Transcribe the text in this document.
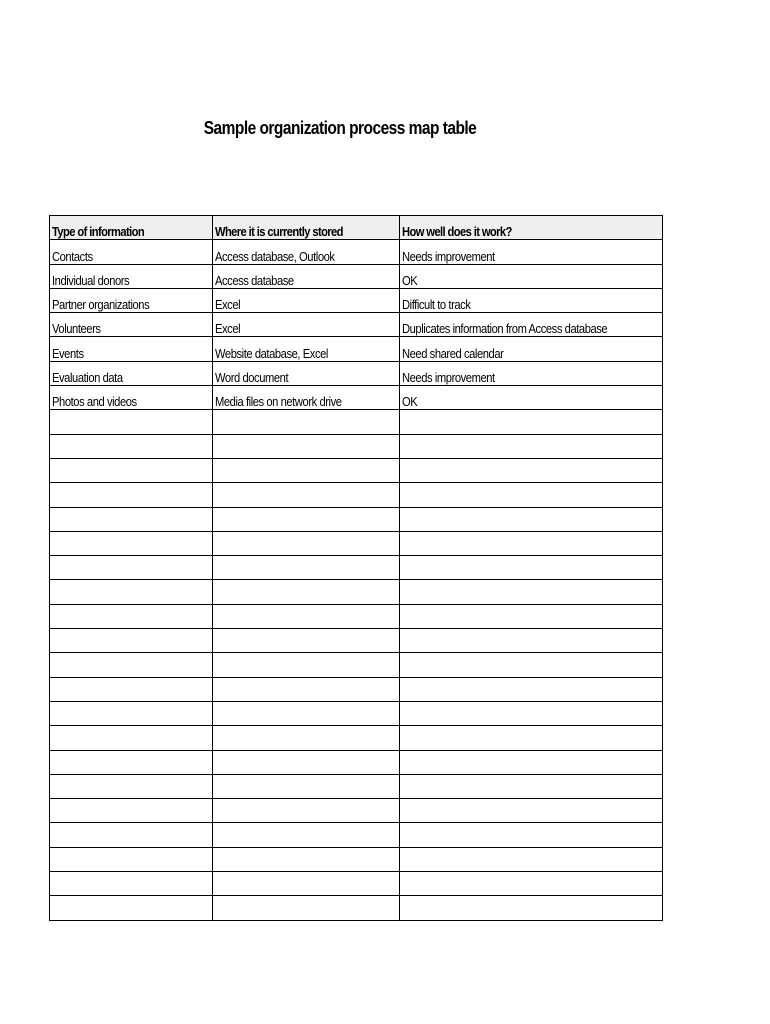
Sample organization process map table
Type of information	Where it is currently stored	How well does it work?
Contacts	Access database, Outlook	Needs improvement
Individual donors	Access database	OK
Partner organizations	Excel	Difficult to track
Volunteers	Excel	Duplicates information from Access database
Events	Website database, Excel	Need shared calendar
Evaluation data	Word document	Needs improvement
Photos and videos	Media files on network drive	OK
